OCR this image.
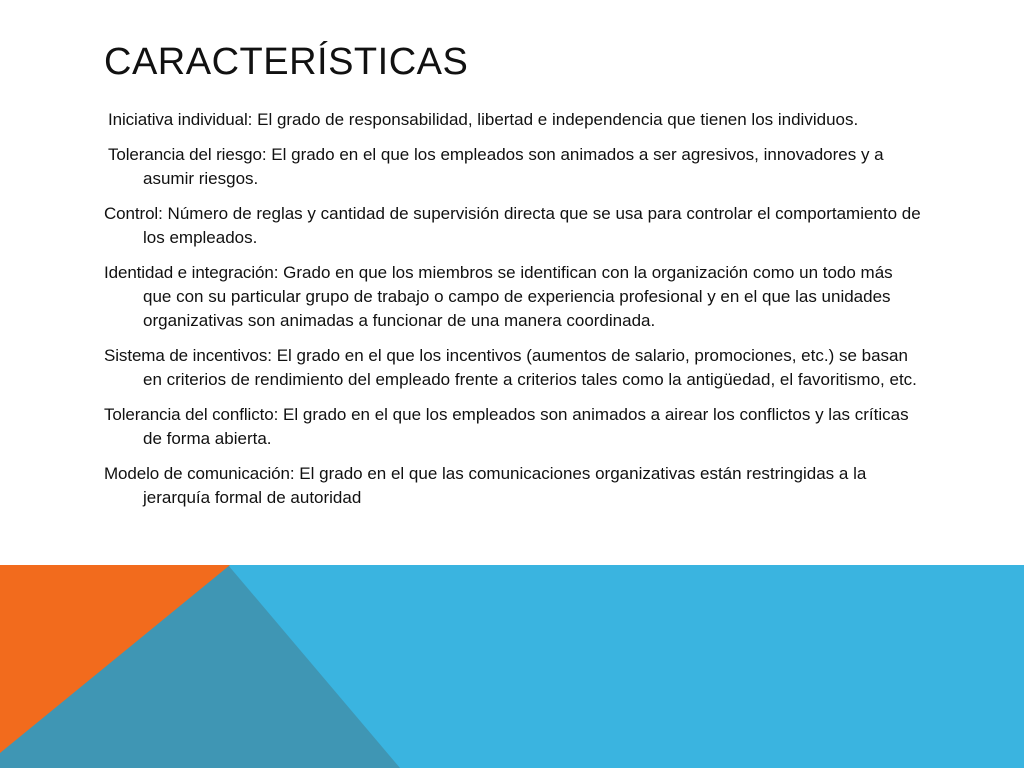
CARACTERÍSTICAS
Iniciativa individual: El grado de responsabilidad, libertad e independencia que tienen los individuos.
Tolerancia del riesgo: El grado en el que los empleados son animados a ser agresivos, innovadores y a asumir riesgos.
Control: Número de reglas y cantidad de supervisión directa que se usa para controlar el comportamiento de los empleados.
Identidad e integración: Grado en que los miembros se identifican con la organización como un todo más que con su particular grupo de trabajo o campo de experiencia profesional y en el que las unidades organizativas son animadas a funcionar de una manera coordinada.
Sistema de incentivos: El grado en el que los incentivos (aumentos de salario, promociones, etc.) se basan en criterios de rendimiento del empleado frente a criterios tales como la antigüedad, el favoritismo, etc.
Tolerancia del conflicto: El grado en el que los empleados son animados a airear los conflictos y las críticas de forma abierta.
Modelo de comunicación: El grado en el que las comunicaciones organizativas están restringidas a la jerarquía formal de autoridad
